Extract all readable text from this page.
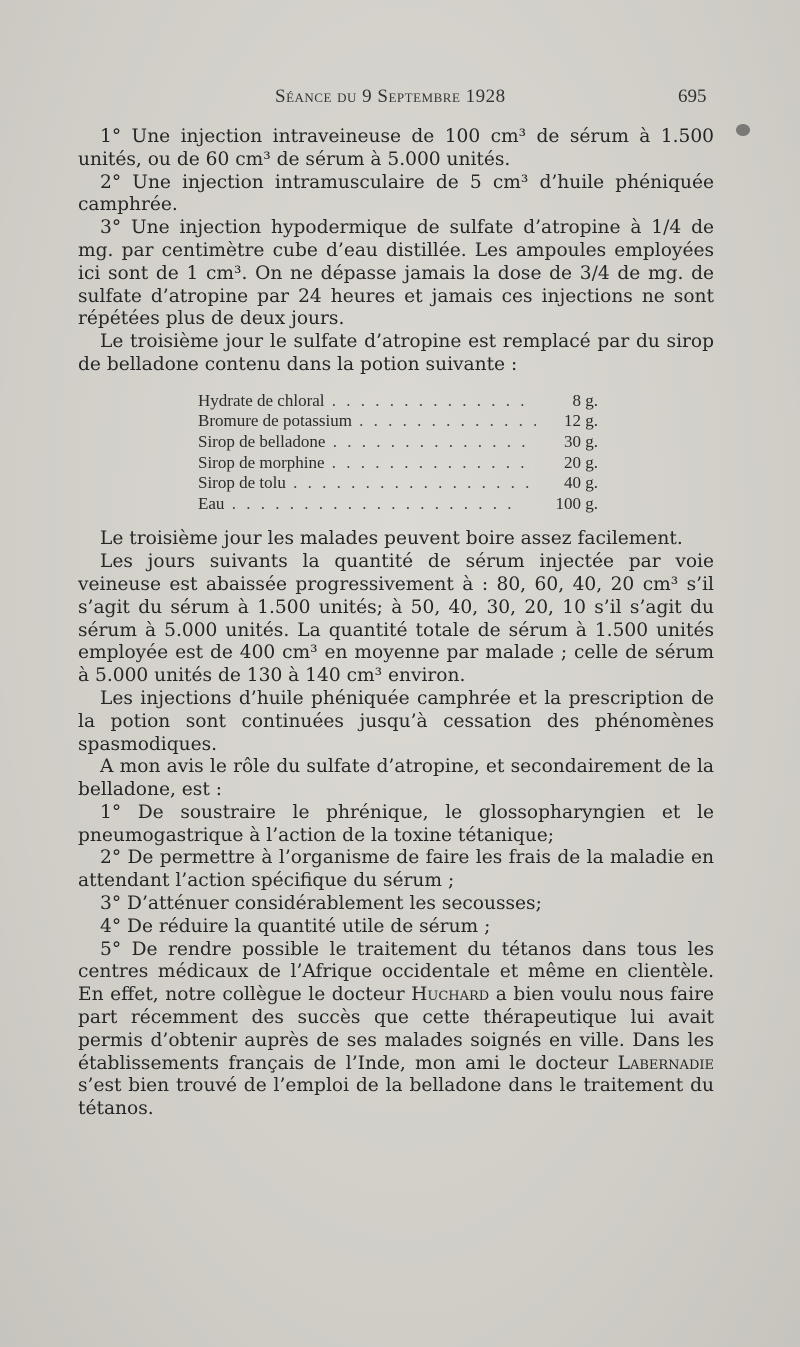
Séance du 9 Septembre 1928	695

1° Une injection intraveineuse de 100 cm³ de sérum à 1.500 unités, ou de 60 cm³ de sérum à 5.000 unités.

2° Une injection intramusculaire de 5 cm³ d’huile phéniquée camphrée.

3° Une injection hypodermique de sulfate d’atropine à 1/4 de mg. par centimètre cube d’eau distillée. Les ampoules employées ici sont de 1 cm³. On ne dépasse jamais la dose de 3/4 de mg. de sulfate d’atropine par 24 heures et jamais ces injections ne sont répétées plus de deux jours.

Le troisième jour le sulfate d’atropine est remplacé par du sirop de belladone contenu dans la potion suivante :

Hydrate de chloral . . .	8 g.
Bromure de potassium . . .	12 g.
Sirop de belladone . . .	30 g.
Sirop de morphine . . .	20 g.
Sirop de tolu . . .	40 g.
Eau . . .	100 g.

Le troisième jour les malades peuvent boire assez facilement.

Les jours suivants la quantité de sérum injectée par voie veineuse est abaissée progressivement à : 80, 60, 40, 20 cm³ s’il s’agit du sérum à 1.500 unités; à 50, 40, 30, 20, 10 s’il s’agit du sérum à 5.000 unités. La quantité totale de sérum à 1.500 unités employée est de 400 cm³ en moyenne par malade ; celle de sérum à 5.000 unités de 130 à 140 cm³ environ.

Les injections d’huile phéniquée camphrée et la prescription de la potion sont continuées jusqu’à cessation des phénomènes spasmodiques.

A mon avis le rôle du sulfate d’atropine, et secondairement de la belladone, est :

1° De soustraire le phrénique, le glossopharyngien et le pneumogastrique à l’action de la toxine tétanique;

2° De permettre à l’organisme de faire les frais de la maladie en attendant l’action spécifique du sérum ;

3° D’atténuer considérablement les secousses;

4° De réduire la quantité utile de sérum ;

5° De rendre possible le traitement du tétanos dans tous les centres médicaux de l’Afrique occidentale et même en clientèle. En effet, notre collègue le docteur Huchard a bien voulu nous faire part récemment des succès que cette thérapeutique lui avait permis d’obtenir auprès de ses malades soignés en ville. Dans les établissements français de l’Inde, mon ami le docteur Labernadie s’est bien trouvé de l’emploi de la belladone dans le traitement du tétanos.
